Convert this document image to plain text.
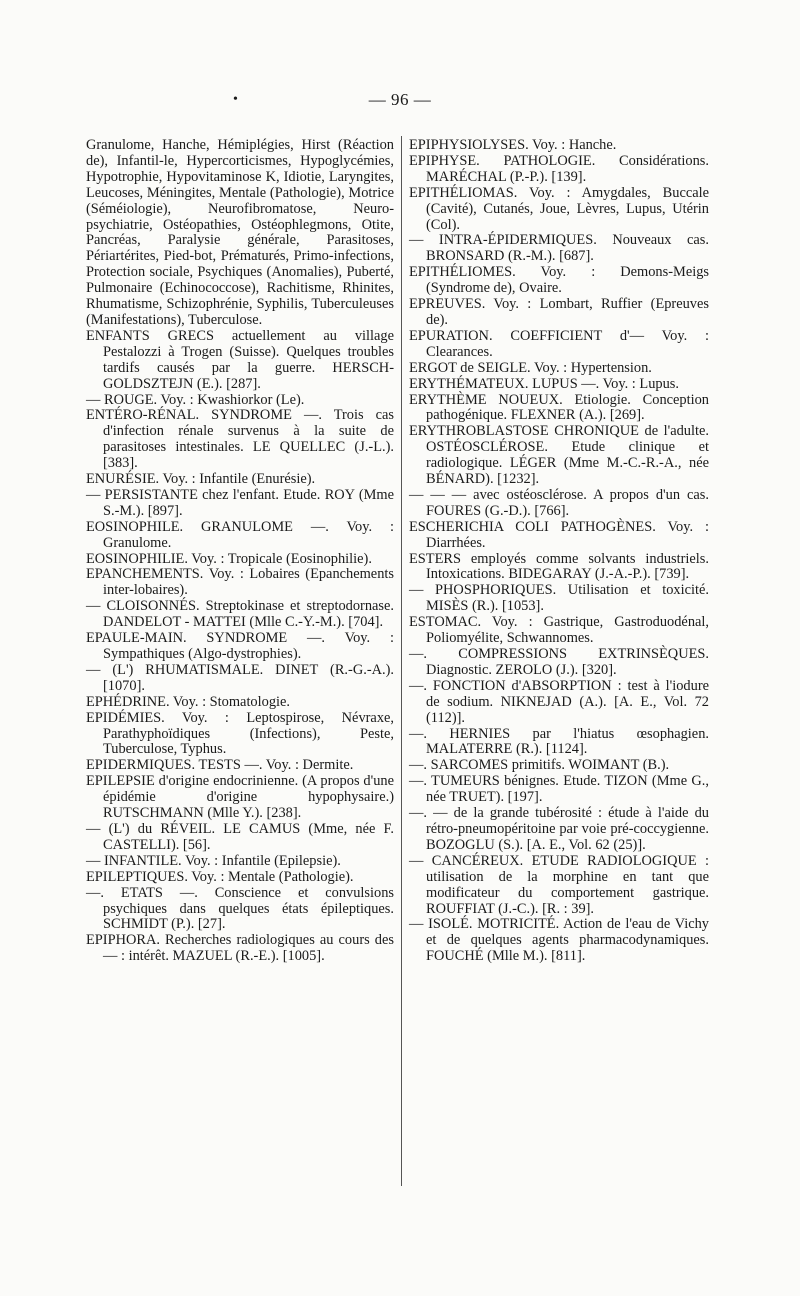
— 96 —
•

Granulome, Hanche, Hémiplégies, Hirst (Réaction de), Infantil-le, Hypercorticismes, Hypoglycémies, Hypotrophie, Hypovitaminose K, Idiotie, Laryngites, Leucoses, Méningites, Mentale (Pathologie), Motrice (Séméiologie), Neurofibromatose, Neuro-psychiatrie, Ostéopathies, Ostéophlegmons, Otite, Pancréas, Paralysie générale, Parasitoses, Périartérites, Pied-bot, Prématurés, Primo-infections, Protection sociale, Psychiques (Anomalies), Puberté, Pulmonaire (Echinococcose), Rachitisme, Rhinites, Rhumatisme, Schizophrénie, Syphilis, Tuberculeuses (Manifestations), Tuberculose.

ENFANTS GRECS actuellement au village Pestalozzi à Trogen (Suisse). Quelques troubles tardifs causés par la guerre. HERSCH-GOLDSZTEJN (E.). [287].

— ROUGE. Voy. : Kwashiorkor (Le).

ENTÉRO-RÉNAL. SYNDROME —. Trois cas d'infection rénale survenus à la suite de parasitoses intestinales. LE QUELLEC (J.-L.). [383].

ENURÉSIE. Voy. : Infantile (Enurésie).

— PERSISTANTE chez l'enfant. Etude. ROY (Mme S.-M.). [897].

EOSINOPHILE. GRANULOME —. Voy. : Granulome.

EOSINOPHILIE. Voy. : Tropicale (Eosinophilie).

EPANCHEMENTS. Voy. : Lobaires (Epanchements inter-lobaires).

— CLOISONNÉS. Streptokinase et streptodornase. DANDELOT - MATTEI (Mlle C.-Y.-M.). [704].

EPAULE-MAIN. SYNDROME —. Voy. : Sympathiques (Algo-dystrophies).

— (L') RHUMATISMALE. DINET (R.-G.-A.). [1070].

EPHÉDRINE. Voy. : Stomatologie.

EPIDÉMIES. Voy. : Leptospirose, Névraxe, Parathyphoïdiques (Infections), Peste, Tuberculose, Typhus.

EPIDERMIQUES. TESTS —. Voy. : Dermite.

EPILEPSIE d'origine endocrinienne. (A propos d'une épidémie d'origine hypophysaire.) RUTSCHMANN (Mlle Y.). [238].

— (L') du RÉVEIL. LE CAMUS (Mme, née F. CASTELLI). [56].

— INFANTILE. Voy. : Infantile (Epilepsie).

EPILEPTIQUES. Voy. : Mentale (Pathologie).

—. ETATS —. Conscience et convulsions psychiques dans quelques états épileptiques. SCHMIDT (P.). [27].

EPIPHORA. Recherches radiologiques au cours des — : intérêt. MAZUEL (R.-E.). [1005].

EPIPHYSIOLYSES. Voy. : Hanche.

EPIPHYSE. PATHOLOGIE. Considérations. MARÉCHAL (P.-P.). [139].

EPITHÉLIOMAS. Voy. : Amygdales, Buccale (Cavité), Cutanés, Joue, Lèvres, Lupus, Utérin (Col).

— INTRA-ÉPIDERMIQUES. Nouveaux cas. BRONSARD (R.-M.). [687].

EPITHÉLIOMES. Voy. : Demons-Meigs (Syndrome de), Ovaire.

EPREUVES. Voy. : Lombart, Ruffier (Epreuves de).

EPURATION. COEFFICIENT d'— Voy. : Clearances.

ERGOT de SEIGLE. Voy. : Hypertension.

ERYTHÉMATEUX. LUPUS —. Voy. : Lupus.

ERYTHÈME NOUEUX. Etiologie. Conception pathogénique. FLEXNER (A.). [269].

ERYTHROBLASTOSE CHRONIQUE de l'adulte. OSTÉOSCLÉROSE. Etude clinique et radiologique. LÉGER (Mme M.-C.-R.-A., née BÉNARD). [1232].

— — — avec ostéosclérose. A propos d'un cas. FOURES (G.-D.). [766].

ESCHERICHIA COLI PATHOGÈNES. Voy. : Diarrhées.

ESTERS employés comme solvants industriels. Intoxications. BIDEGARAY (J.-A.-P.). [739].

— PHOSPHORIQUES. Utilisation et toxicité. MISÈS (R.). [1053].

ESTOMAC. Voy. : Gastrique, Gastroduodénal, Poliomyélite, Schwannomes.

—. COMPRESSIONS EXTRINSÈQUES. Diagnostic. ZEROLO (J.). [320].

—. FONCTION d'ABSORPTION : test à l'iodure de sodium. NIKNEJAD (A.). [A. E., Vol. 72 (112)].

—. HERNIES par l'hiatus œsophagien. MALATERRE (R.). [1124].

—. SARCOMES primitifs. WOIMANT (B.).

—. TUMEURS bénignes. Etude. TIZON (Mme G., née TRUET). [197].

—. — de la grande tubérosité : étude à l'aide du rétro-pneumopéritoine par voie pré-coccygienne. BOZOGLU (S.). [A. E., Vol. 62 (25)].

— CANCÉREUX. ETUDE RADIOLOGIQUE : utilisation de la morphine en tant que modificateur du comportement gastrique. ROUFFIAT (J.-C.). [R. : 39].

— ISOLÉ. MOTRICITÉ. Action de l'eau de Vichy et de quelques agents pharmacodynamiques. FOUCHÉ (Mlle M.). [811].
